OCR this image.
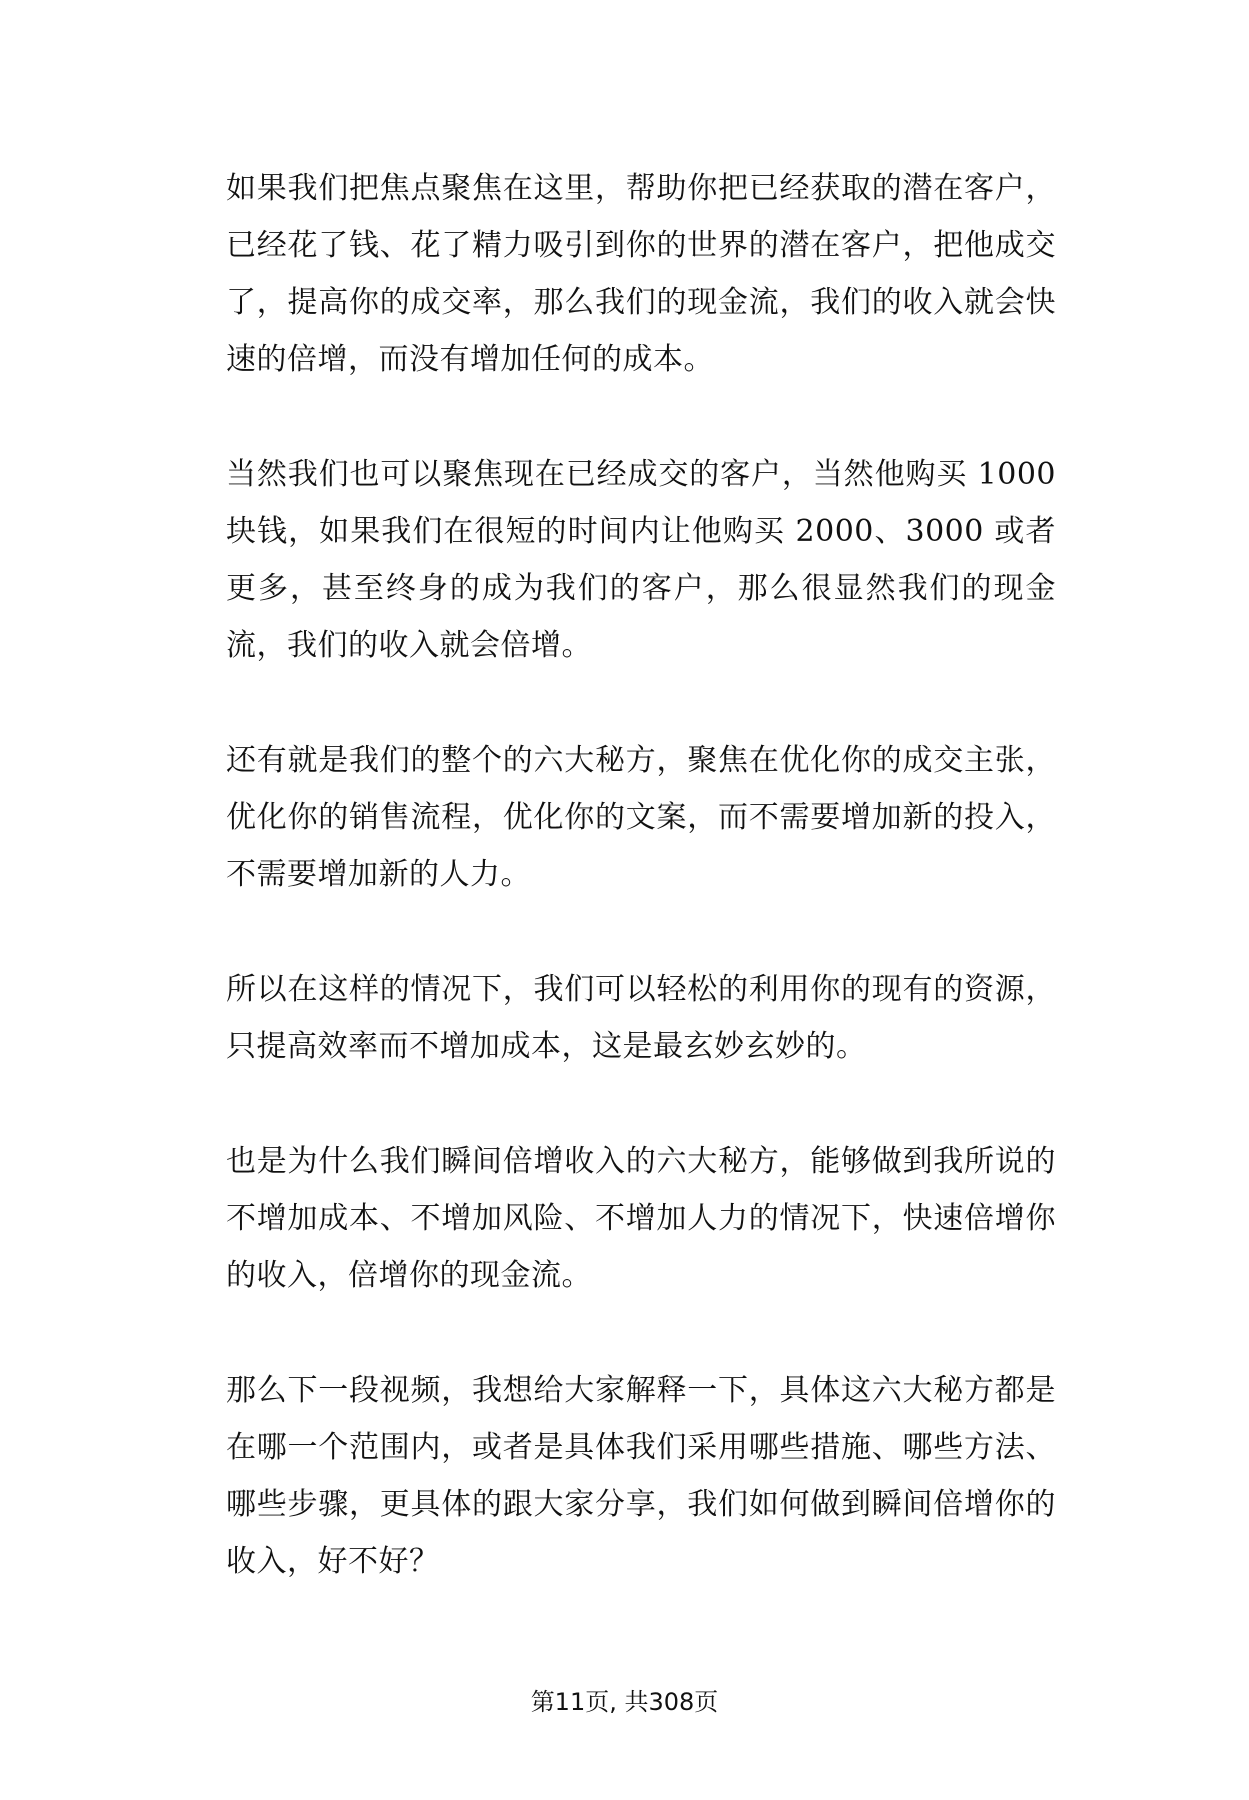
如果我们把焦点聚焦在这里，帮助你把已经获取的潜在客户，已经花了钱、花了精力吸引到你的世界的潜在客户，把他成交了，提高你的成交率，那么我们的现金流，我们的收入就会快速的倍增，而没有增加任何的成本。

当然我们也可以聚焦现在已经成交的客户，当然他购买 1000 块钱，如果我们在很短的时间内让他购买 2000、3000 或者更多，甚至终身的成为我们的客户，那么很显然我们的现金流，我们的收入就会倍增。

还有就是我们的整个的六大秘方，聚焦在优化你的成交主张，优化你的销售流程，优化你的文案，而不需要增加新的投入，不需要增加新的人力。

所以在这样的情况下，我们可以轻松的利用你的现有的资源，只提高效率而不增加成本，这是最玄妙玄妙的。

也是为什么我们瞬间倍增收入的六大秘方，能够做到我所说的不增加成本、不增加风险、不增加人力的情况下，快速倍增你的收入，倍增你的现金流。

那么下一段视频，我想给大家解释一下，具体这六大秘方都是在哪一个范围内，或者是具体我们采用哪些措施、哪些方法、哪些步骤，更具体的跟大家分享，我们如何做到瞬间倍增你的收入，好不好？

第11页, 共308页
